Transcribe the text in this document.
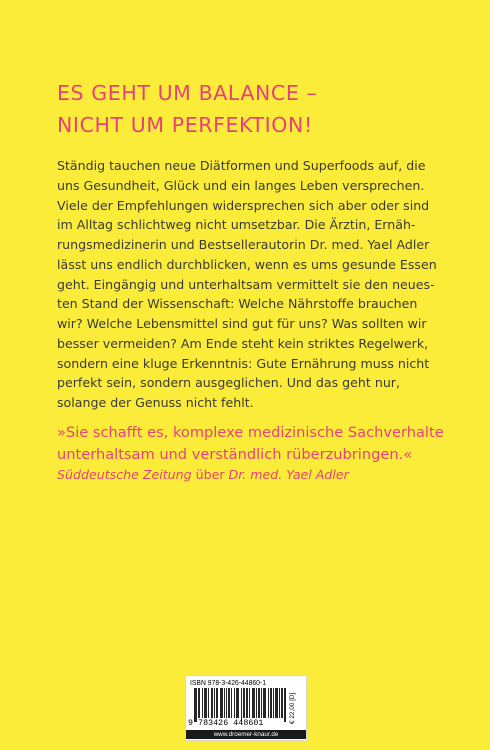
ES GEHT UM BALANCE –
NICHT UM PERFEKTION!

Ständig tauchen neue Diätformen und Superfoods auf, die
uns Gesundheit, Glück und ein langes Leben versprechen.
Viele der Empfehlungen widersprechen sich aber oder sind
im Alltag schlichtweg nicht umsetzbar. Die Ärztin, Ernäh-
rungsmedizinerin und Bestsellerautorin Dr. med. Yael Adler
lässt uns endlich durchblicken, wenn es ums gesunde Essen
geht. Eingängig und unterhaltsam vermittelt sie den neues-
ten Stand der Wissenschaft: Welche Nährstoffe brauchen
wir? Welche Lebensmittel sind gut für uns? Was sollten wir
besser vermeiden? Am Ende steht kein striktes Regelwerk,
sondern eine kluge Erkenntnis: Gute Ernährung muss nicht
perfekt sein, sondern ausgeglichen. Und das geht nur,
solange der Genuss nicht fehlt.

»Sie schafft es, komplexe medizinische Sachverhalte
unterhaltsam und verständlich rüberzubringen.«

Süddeutsche Zeitung über Dr. med. Yael Adler
ISBN 978-3-426-44860-1
9 783426 448601	€ 22,00 [D]
www.droemer-knaur.de
